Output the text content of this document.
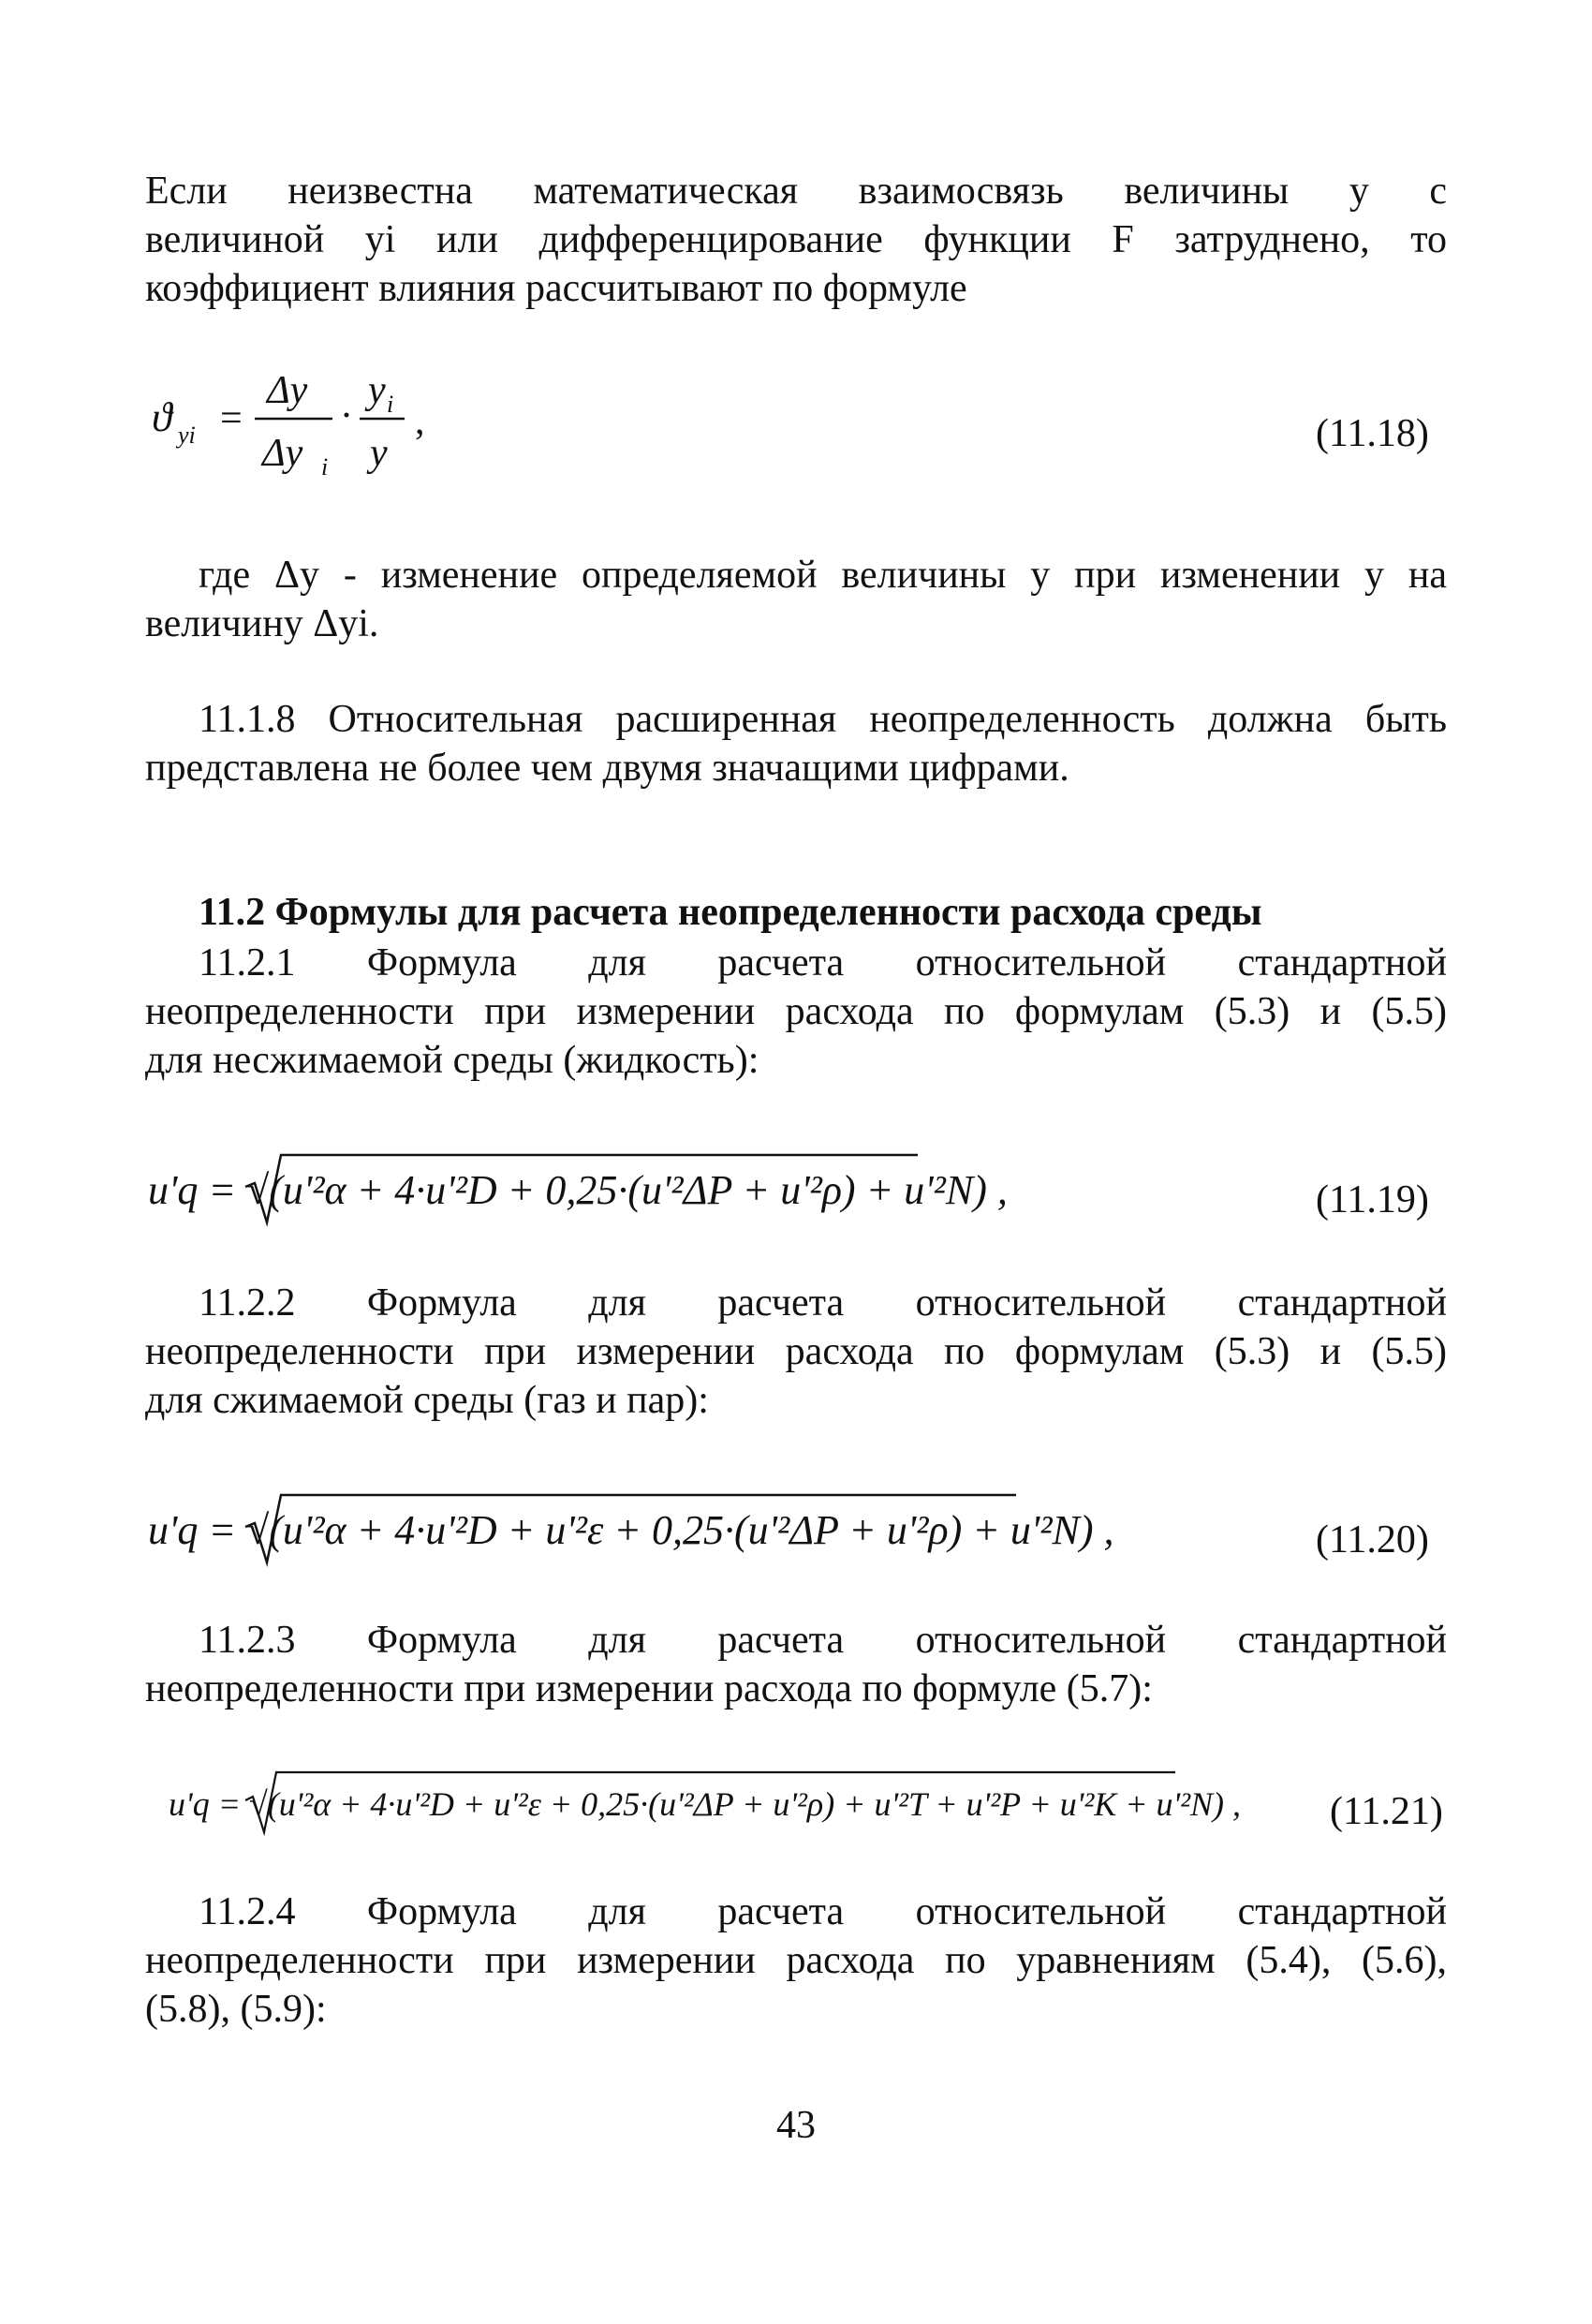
Если неизвестна математическая взаимосвязь величины y с
величиной yi или дифференцирование функции F затруднено, то
коэффициент влияния рассчитывают по формуле
ϑ yi =
Δy
Δy i
·
y i
y
,	(11.18)
где Δy - изменение определяемой величины y при изменении y на
величину Δyi.
11.1.8 Относительная расширенная неопределенность должна быть
представлена не более чем двумя значащими цифрами.
11.2 Формулы для расчета неопределенности расхода среды
11.2.1 Формула для расчета относительной стандартной
неопределенности при измерении расхода по формулам (5.3) и (5.5)
для несжимаемой среды (жидкость):
u'q = √(u'²α + 4·u'²D + 0,25·(u'²ΔP + u'²ρ) + u'²N) ,	(11.19)
11.2.2 Формула для расчета относительной стандартной
неопределенности при измерении расхода по формулам (5.3) и (5.5)
для сжимаемой среды (газ и пар):
u'q = √(u'²α + 4·u'²D + u'²ε + 0,25·(u'²ΔP + u'²ρ) + u'²N) ,	(11.20)
11.2.3 Формула для расчета относительной стандартной
неопределенности при измерении расхода по формуле (5.7):
u'q = √(u'²α + 4·u'²D + u'²ε + 0,25·(u'²ΔP + u'²ρ) + u'²T + u'²P + u'²K + u'²N) , (11.21)
11.2.4 Формула для расчета относительной стандартной
неопределенности при измерении расхода по уравнениям (5.4), (5.6),
(5.8), (5.9):
43
